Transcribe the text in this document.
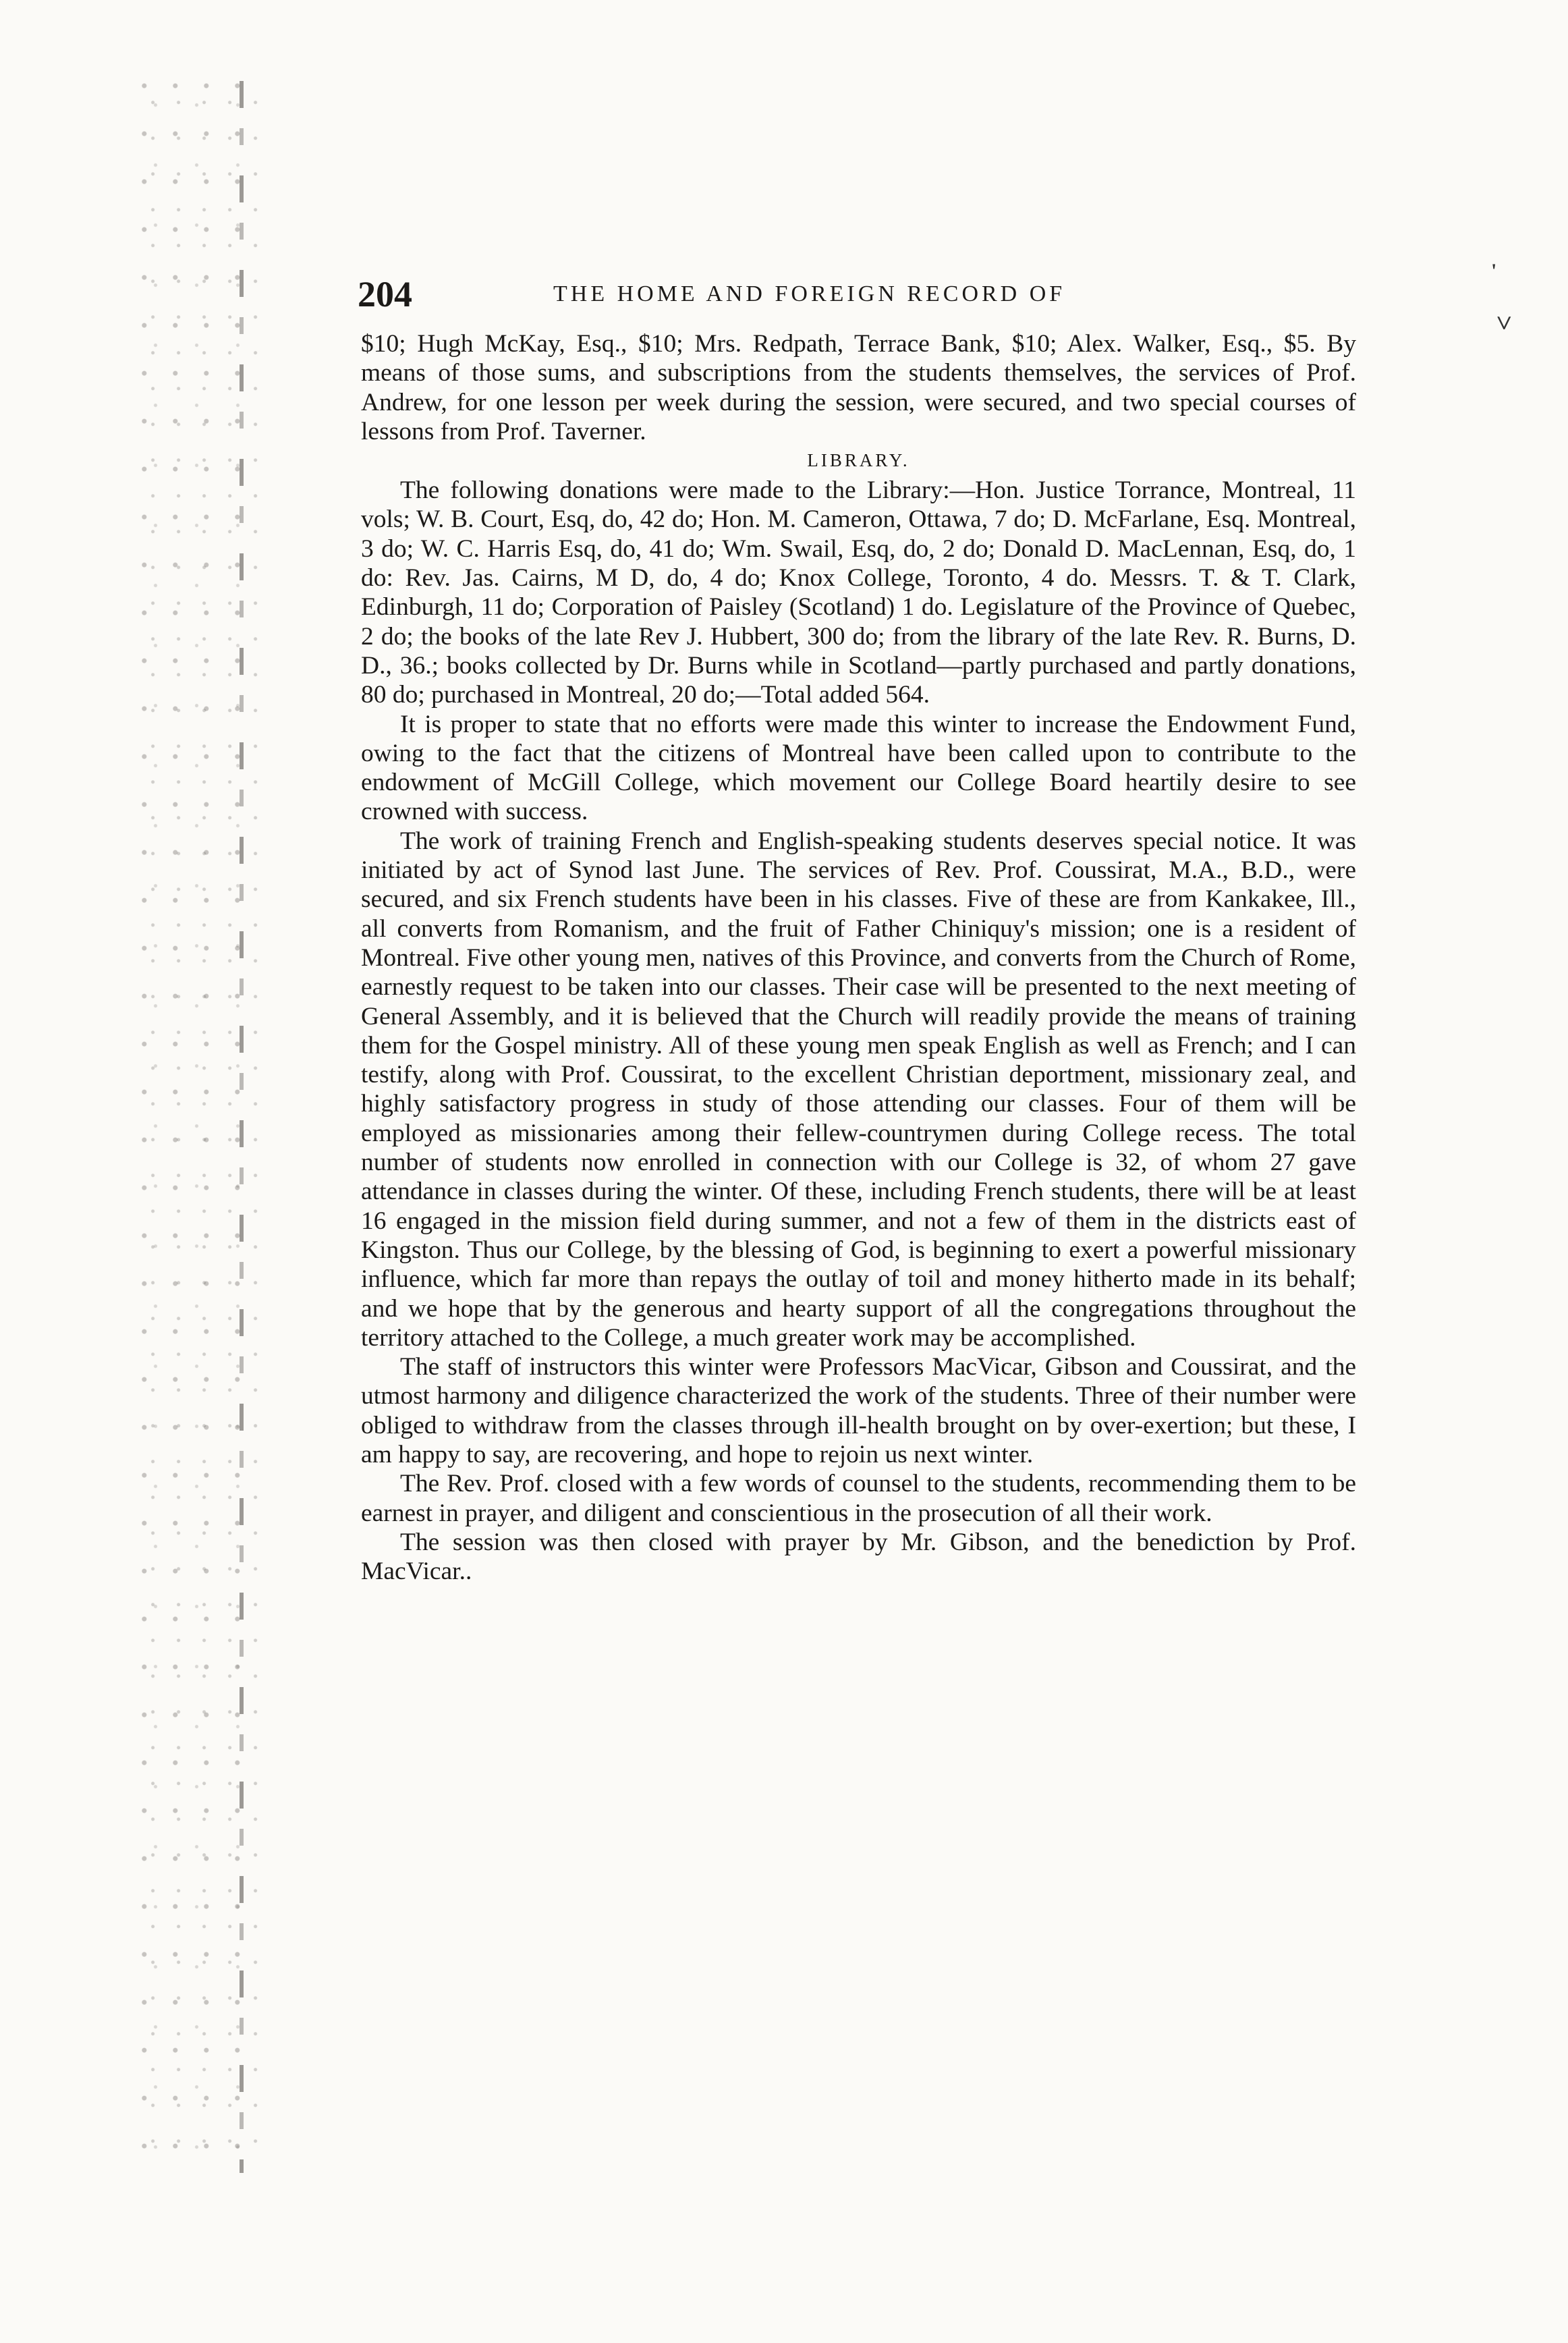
204	THE HOME AND FOREIGN RECORD OF
˅
'

$10; Hugh McKay, Esq., $10; Mrs. Redpath, Terrace Bank, $10; Alex. Walker, Esq., $5. By means of those sums, and subscriptions from the students themselves, the services of Prof. Andrew, for one lesson per week during the session, were secured, and two special courses of lessons from Prof. Taverner.

LIBRARY.

The following donations were made to the Library:—Hon. Justice Torrance, Montreal, 11 vols; W. B. Court, Esq, do, 42 do; Hon. M. Cameron, Ottawa, 7 do; D. McFarlane, Esq. Montreal, 3 do; W. C. Harris Esq, do, 41 do; Wm. Swail, Esq, do, 2 do; Donald D. MacLennan, Esq, do, 1 do: Rev. Jas. Cairns, M D, do, 4 do; Knox College, Toronto, 4 do. Messrs. T. & T. Clark, Edinburgh, 11 do; Corporation of Paisley (Scotland) 1 do. Legislature of the Province of Quebec, 2 do; the books of the late Rev J. Hubbert, 300 do; from the library of the late Rev. R. Burns, D. D., 36.; books collected by Dr. Burns while in Scotland—partly purchased and partly donations, 80 do; purchased in Montreal, 20 do;—Total added 564.

It is proper to state that no efforts were made this winter to increase the Endowment Fund, owing to the fact that the citizens of Montreal have been called upon to contribute to the endowment of McGill College, which movement our College Board heartily desire to see crowned with success.

The work of training French and English-speaking students deserves special notice. It was initiated by act of Synod last June. The services of Rev. Prof. Coussirat, M.A., B.D., were secured, and six French students have been in his classes. Five of these are from Kankakee, Ill., all converts from Romanism, and the fruit of Father Chiniquy's mission; one is a resident of Montreal. Five other young men, natives of this Province, and converts from the Church of Rome, earnestly request to be taken into our classes. Their case will be presented to the next meeting of General Assembly, and it is believed that the Church will readily provide the means of training them for the Gospel ministry. All of these young men speak English as well as French; and I can testify, along with Prof. Coussirat, to the excellent Christian deportment, missionary zeal, and highly satisfactory progress in study of those attending our classes. Four of them will be employed as missionaries among their fellew-countrymen during College recess. The total number of students now enrolled in connection with our College is 32, of whom 27 gave attendance in classes during the winter. Of these, including French students, there will be at least 16 engaged in the mission field during summer, and not a few of them in the districts east of Kingston. Thus our College, by the blessing of God, is beginning to exert a powerful missionary influence, which far more than repays the outlay of toil and money hitherto made in its behalf; and we hope that by the generous and hearty support of all the congregations throughout the territory attached to the College, a much greater work may be accomplished.

The staff of instructors this winter were Professors MacVicar, Gibson and Coussirat, and the utmost harmony and diligence characterized the work of the students. Three of their number were obliged to withdraw from the classes through ill-health brought on by over-exertion; but these, I am happy to say, are recovering, and hope to rejoin us next winter.

The Rev. Prof. closed with a few words of counsel to the students, recommending them to be earnest in prayer, and diligent and conscientious in the prosecution of all their work.

The session was then closed with prayer by Mr. Gibson, and the benediction by Prof. MacVicar..
